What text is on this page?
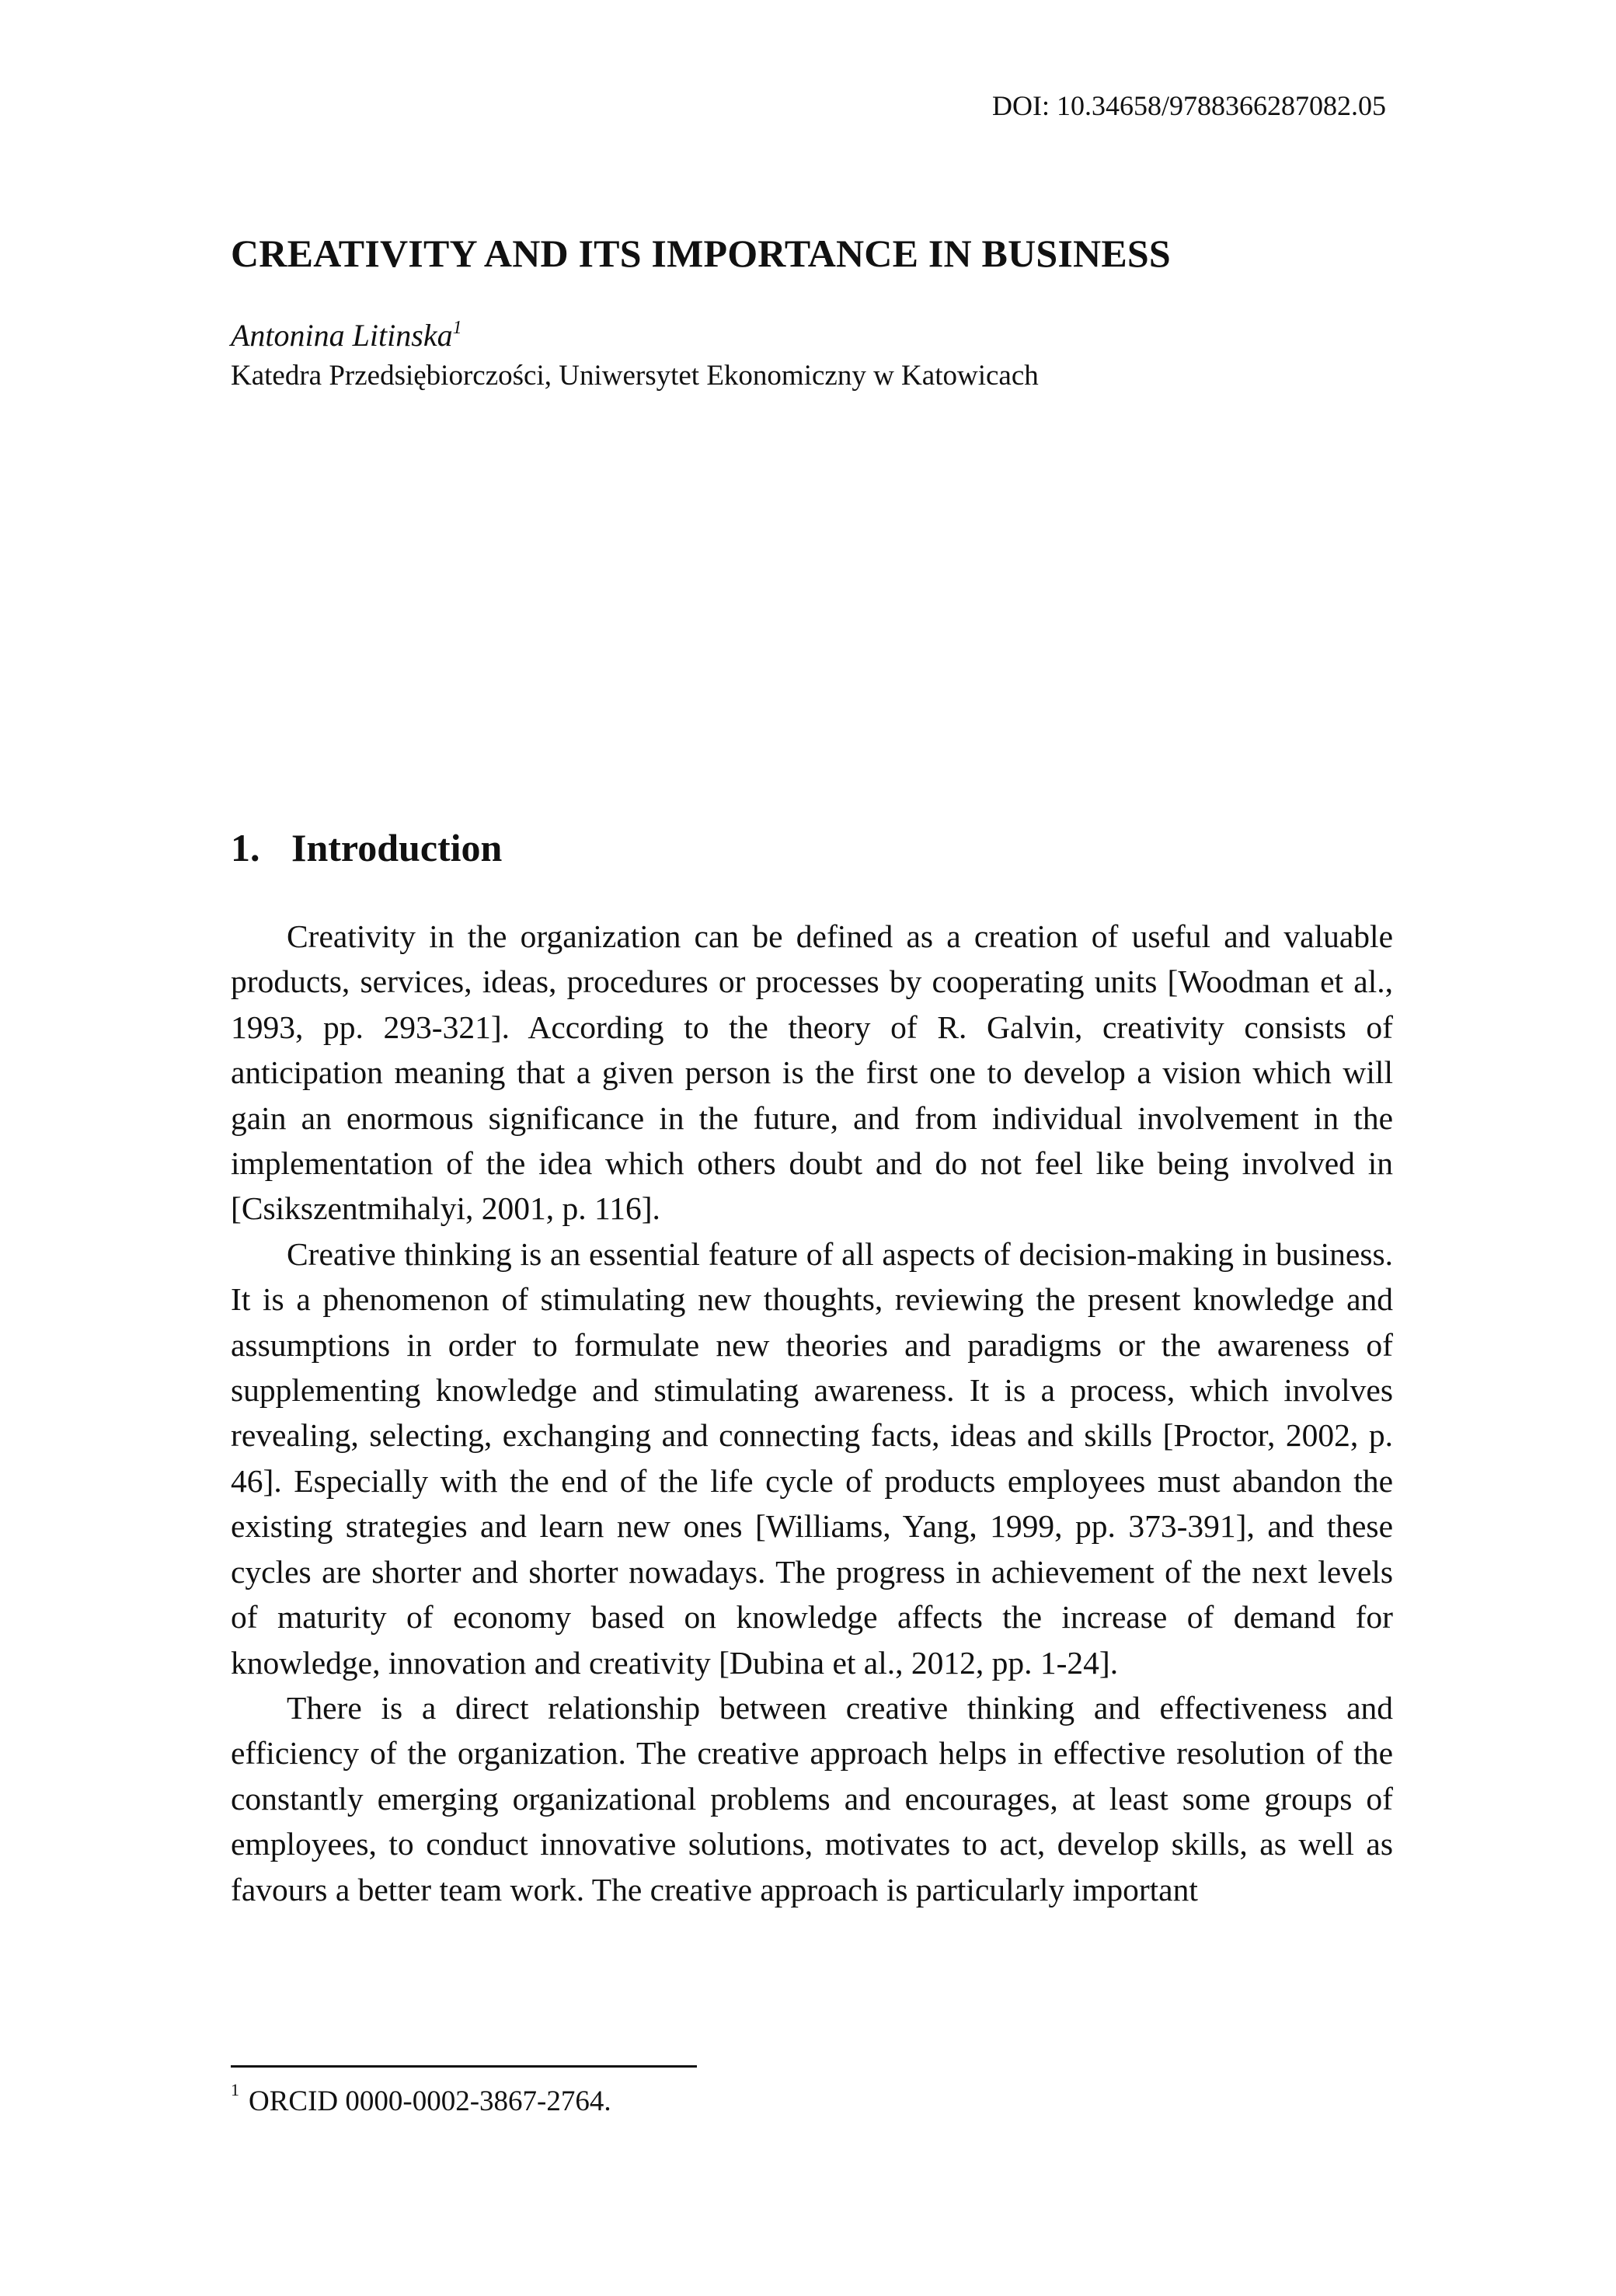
DOI: 10.34658/9788366287082.05
CREATIVITY AND ITS IMPORTANCE IN BUSINESS
Antonina Litinska$^1$
Katedra Przedsiębiorczości, Uniwersytet Ekonomiczny w Katowicach
1. Introduction

Creativity in the organization can be defined as a creation of useful and valuable products, services, ideas, procedures or processes by cooperating units [Woodman et al., 1993, pp. 293-321]. According to the theory of R. Galvin, creativity consists of anticipation meaning that a given person is the first one to develop a vision which will gain an enormous significance in the future, and from individual involvement in the implementation of the idea which others doubt and do not feel like being involved in [Csikszentmihalyi, 2001, p. 116].

Creative thinking is an essential feature of all aspects of decision-making in business. It is a phenomenon of stimulating new thoughts, reviewing the present knowledge and assumptions in order to formulate new theories and paradigms or the awareness of supplementing knowledge and stimulating awareness. It is a process, which involves revealing, selecting, exchanging and connecting facts, ideas and skills [Proctor, 2002, p. 46]. Especially with the end of the life cycle of products employees must abandon the existing strategies and learn new ones [Williams, Yang, 1999, pp. 373-391], and these cycles are shorter and shorter nowadays. The progress in achievement of the next levels of maturity of economy based on knowledge affects the increase of demand for knowledge, innovation and creativity [Dubina et al., 2012, pp. 1-24].

There is a direct relationship between creative thinking and effectiveness and efficiency of the organization. The creative approach helps in effective resolution of the constantly emerging organizational problems and encourages, at least some groups of employees, to conduct innovative solutions, motivates to act, develop skills, as well as favours a better team work. The creative approach is particularly important

$^1$ ORCID 0000-0002-3867-2764.
